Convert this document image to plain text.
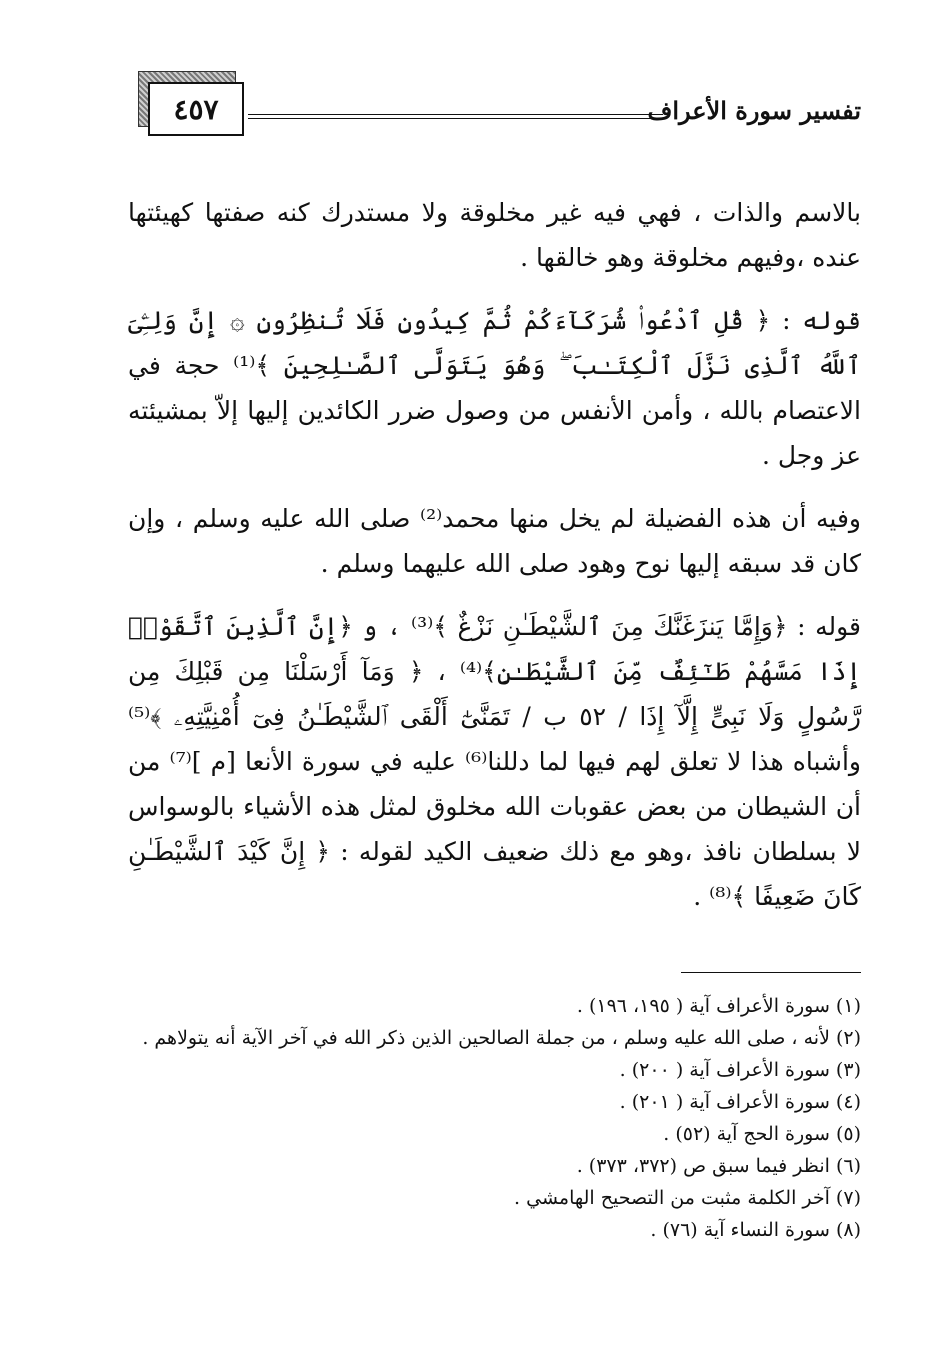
٤٥٧	تفسير سورة الأعراف

بالاسم والذات ، فهي فيه غير مخلوقة ولا مستدرك كنه صفتها كهيئتها عنده ،وفيهم مخلوقة وهو خالقها .

قوله : ﴿ قُلِ ٱدْعُوا۟ شُرَكَآءَكُمْ ثُمَّ كِيدُونِ فَلَا تُنظِرُونِ ۞ إِنَّ وَلِـِّۧىَ ٱللَّهُ ٱلَّذِى نَزَّلَ ٱلْكِتَـٰبَ ۖ وَهُوَ يَتَوَلَّى ٱلصَّـٰلِحِينَ ﴾⁽¹⁾ حجة في الاعتصام بالله ، وأمن الأنفس من وصول ضرر الكائدين إليها إلاّ بمشيئته عز وجل .

وفيه أن هذه الفضيلة لم يخل منها محمد⁽²⁾ صلى الله عليه وسلم ، وإن كان قد سبقه إليها نوح وهود صلى الله عليهما وسلم .

قوله : ﴿وَإِمَّا يَنزَغَنَّكَ مِنَ ٱلشَّيْطَـٰنِ نَزْغٌ ﴾⁽³⁾ ، و ﴿إِنَّ ٱلَّذِينَ ٱتَّقَوْا۟ إِذَا مَسَّهُمْ طَـٰٓئِفٌ مِّنَ ٱلشَّيْطَـٰنِ﴾⁽⁴⁾ ، ﴿ وَمَآ أَرْسَلْنَا مِن قَبْلِكَ مِن رَّسُولٍ وَلَا نَبِىٍّ إِلَّآ إِذَا / ٥٢ ب / تَمَنَّىٰٓ أَلْقَى ٱلشَّيْطَـٰنُ فِىٓ أُمْنِيَّتِهِۦ ﴾⁽⁵⁾ وأشباه هذا لا تعلق لهم فيها لما دللنا⁽⁶⁾ عليه في سورة الأنعا [م ]⁽⁷⁾ من أن الشيطان من بعض عقوبات الله مخلوق لمثل هذه الأشياء بالوسواس لا بسلطان نافذ ،وهو مع ذلك ضعيف الكيد لقوله : ﴿ إِنَّ كَيْدَ ٱلشَّيْطَـٰنِ كَانَ ضَعِيفًا ﴾⁽⁸⁾ .

(١) سورة الأعراف آية ( ١٩٥، ١٩٦) .
(٢) لأنه ، صلى الله عليه وسلم ، من جملة الصالحين الذين ذكر الله في آخر الآية أنه يتولاهم .
(٣) سورة الأعراف آية ( ٢٠٠) .
(٤) سورة الأعراف آية ( ٢٠١) .
(٥) سورة الحج آية (٥٢) .
(٦) انظر فيما سبق ص (٣٧٢، ٣٧٣) .
(٧) آخر الكلمة مثبت من التصحيح الهامشي .
(٨) سورة النساء آية (٧٦) .
